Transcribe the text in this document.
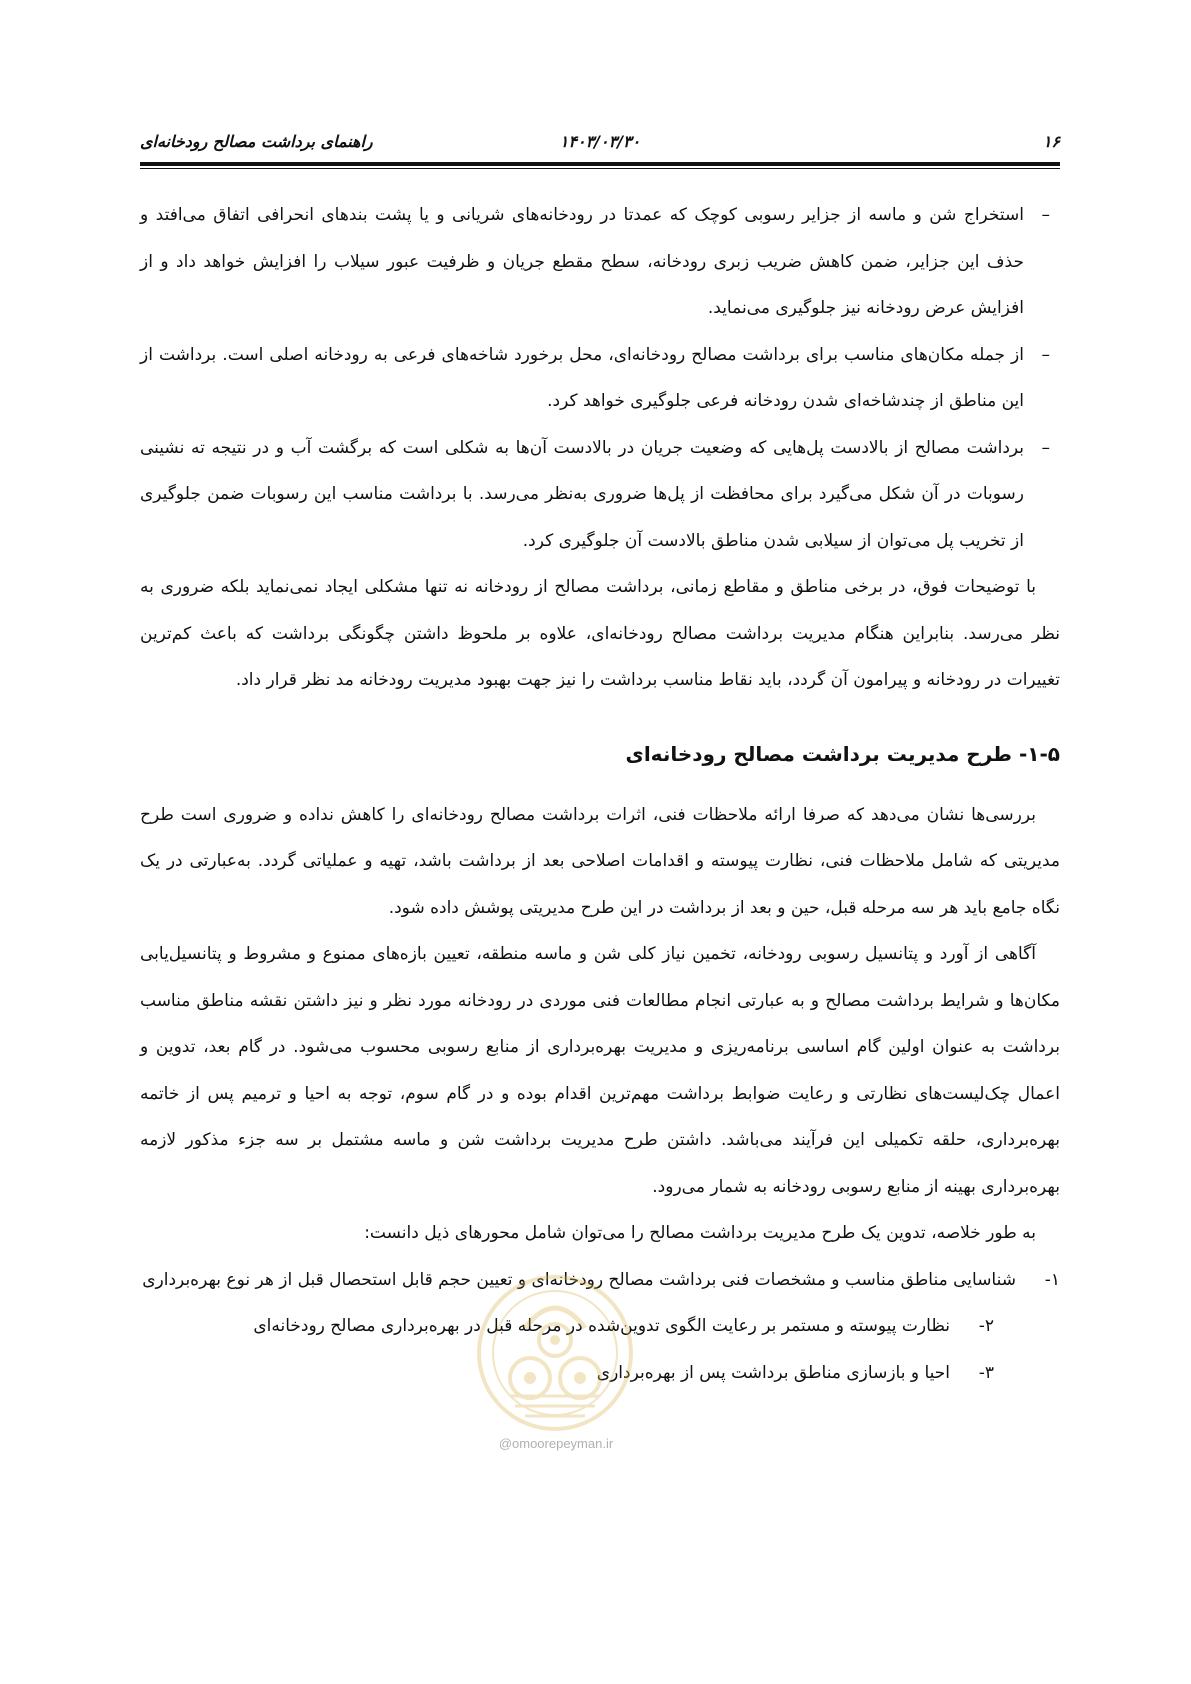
۱۶
۱۴۰۳/۰۳/۳۰
راهنمای برداشت مصالح رودخانه‌ای
–
استخراج شن و ماسه از جزایر رسوبی کوچک که عمدتا در رودخانه‌های شریانی و یا پشت بندهای انحرافی اتفاق می‌افتد و حذف این جزایر، ضمن کاهش ضریب زبری رودخانه، سطح مقطع جریان و ظرفیت عبور سیلاب را افزایش خواهد داد و از افزایش عرض رودخانه نیز جلوگیری می‌نماید.
–
از جمله مکان‌های مناسب برای برداشت مصالح رودخانه‌ای، محل برخورد شاخه‌های فرعی به رودخانه اصلی است. برداشت از این مناطق از چندشاخه‌ای شدن رودخانه فرعی جلوگیری خواهد کرد.
–
برداشت مصالح از بالادست پل‌هایی که وضعیت جریان در بالادست آن‌ها به شکلی است که برگشت آب و در نتیجه ته نشینی رسوبات در آن شکل می‌گیرد برای محافظت از پل‌ها ضروری به‌نظر می‌رسد. با برداشت مناسب این رسوبات ضمن جلوگیری از تخریب پل می‌توان از سیلابی شدن مناطق بالادست آن جلوگیری کرد.

با توضیحات فوق، در برخی مناطق و مقاطع زمانی، برداشت مصالح از رودخانه نه تنها مشکلی ایجاد نمی‌نماید بلکه ضروری به نظر می‌رسد. بنابراین هنگام مدیریت برداشت مصالح رودخانه‌ای، علاوه بر ملحوظ داشتن چگونگی برداشت که باعث کم‌ترین تغییرات در رودخانه و پیرامون آن گردد، باید نقاط مناسب برداشت را نیز جهت بهبود مدیریت رودخانه مد نظر قرار داد.

۱-۵- طرح مدیریت برداشت مصالح رودخانه‌ای

بررسی‌ها نشان می‌دهد که صرفا ارائه ملاحظات فنی، اثرات برداشت مصالح رودخانه‌ای را کاهش نداده و ضروری است طرح مدیریتی که شامل ملاحظات فنی، نظارت پیوسته و اقدامات اصلاحی بعد از برداشت باشد، تهیه و عملیاتی گردد. به‌عبارتی در یک نگاه جامع باید هر سه مرحله قبل، حین و بعد از برداشت در این طرح مدیریتی پوشش داده شود.

آگاهی از آورد و پتانسیل رسوبی رودخانه، تخمین نیاز کلی شن و ماسه منطقه، تعیین بازه‌های ممنوع و مشروط و پتانسیل‌یابی مکان‌ها و شرایط برداشت مصالح و به عبارتی انجام مطالعات فنی موردی در رودخانه مورد نظر و نیز داشتن نقشه مناطق مناسب برداشت به عنوان اولین گام اساسی برنامه‌ریزی و مدیریت بهره‌برداری از منابع رسوبی محسوب می‌شود. در گام بعد، تدوین و اعمال چک‌لیست‌های نظارتی و رعایت ضوابط برداشت مهم‌ترین اقدام بوده و در گام سوم، توجه به احیا و ترمیم پس از خاتمه بهره‌برداری، حلقه تکمیلی این فرآیند می‌باشد. داشتن طرح مدیریت برداشت شن و ماسه مشتمل بر سه جزء مذکور لازمه بهره‌برداری بهینه از منابع رسوبی رودخانه به شمار می‌رود.

به طور خلاصه، تدوین یک طرح مدیریت برداشت مصالح را می‌توان شامل محورهای ذیل دانست:

۱-
شناسایی مناطق مناسب و مشخصات فنی برداشت مصالح رودخانه‌ای و تعیین حجم قابل استحصال قبل از هر نوع بهره‌برداری
۲-
نظارت پیوسته و مستمر بر رعایت الگوی تدوین‌شده در مرحله قبل در بهره‌برداری مصالح رودخانه‌ای
۳-
احیا و بازسازی مناطق برداشت پس از بهره‌برداری
@omoorepeyman.ir
